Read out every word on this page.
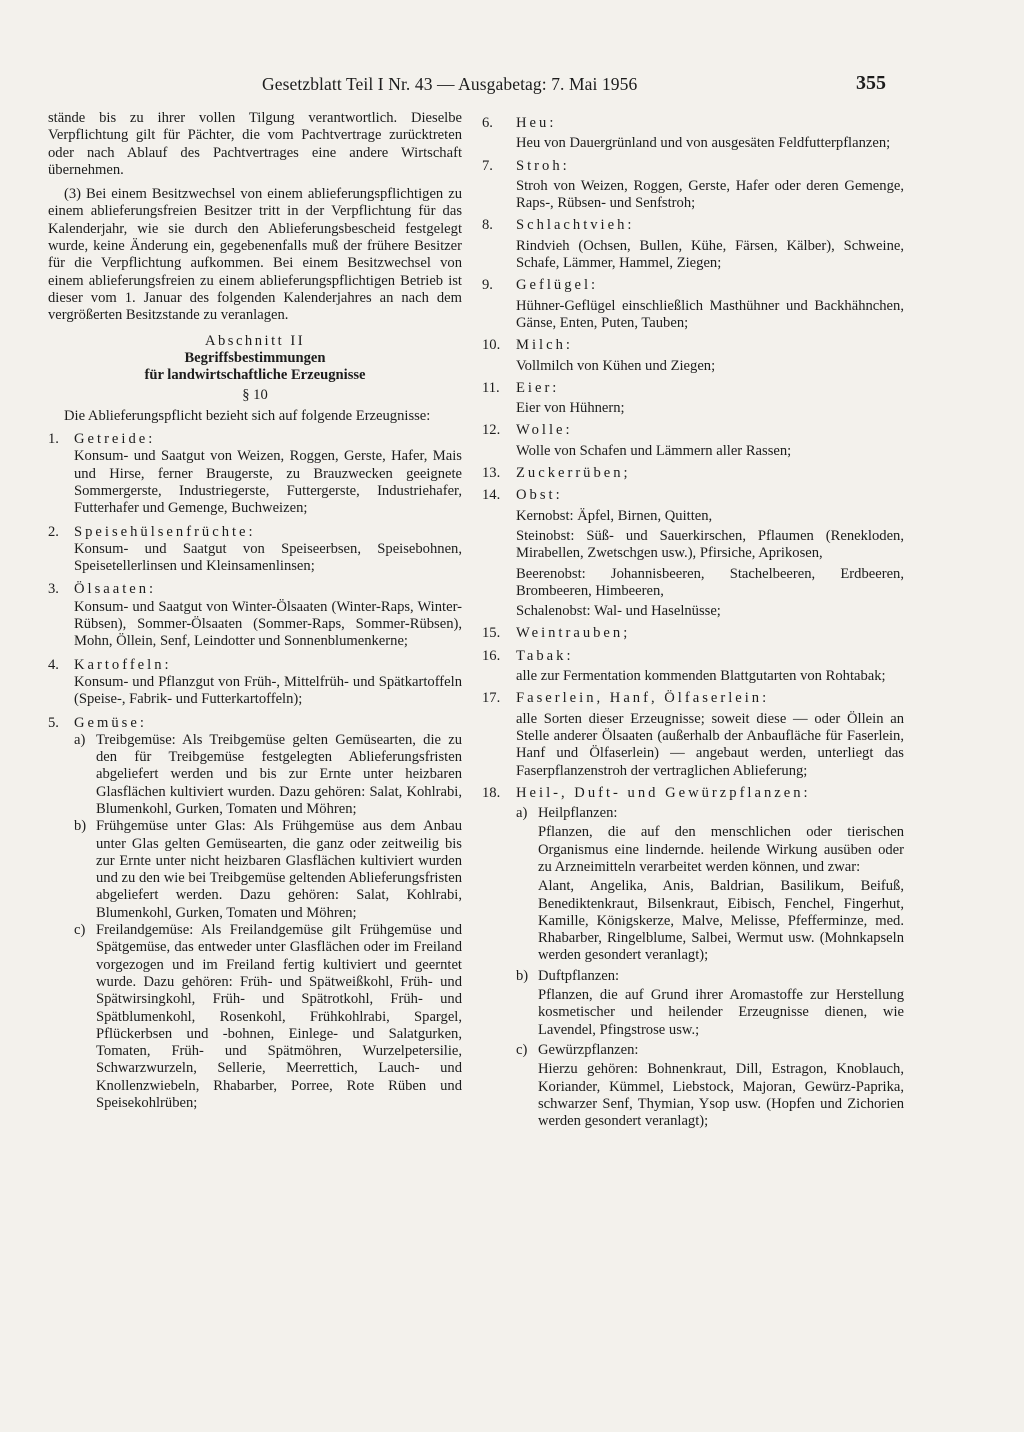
Gesetzblatt Teil I Nr. 43 — Ausgabetag: 7. Mai 1956	355

stände bis zu ihrer vollen Tilgung verantwortlich. Dieselbe Verpflichtung gilt für Pächter, die vom Pachtvertrage zurücktreten oder nach Ablauf des Pachtvertrages eine andere Wirtschaft übernehmen.

(3) Bei einem Besitzwechsel von einem ablieferungspflichtigen zu einem ablieferungsfreien Besitzer tritt in der Verpflichtung für das Kalenderjahr, wie sie durch den Ablieferungsbescheid festgelegt wurde, keine Änderung ein, gegebenenfalls muß der frühere Besitzer für die Verpflichtung aufkommen. Bei einem Besitzwechsel von einem ablieferungsfreien zu einem ablieferungspflichtigen Betrieb ist dieser vom 1. Januar des folgenden Kalenderjahres an nach dem vergrößerten Besitzstande zu veranlagen.

Abschnitt II
Begriffsbestimmungen
für landwirtschaftliche Erzeugnisse
§ 10

Die Ablieferungspflicht bezieht sich auf folgende Erzeugnisse:

1.	Getreide:
Konsum- und Saatgut von Weizen, Roggen, Gerste, Hafer, Mais und Hirse, ferner Braugerste, zu Brauzwecken geeignete Sommergerste, Industriegerste, Futtergerste, Industriehafer, Futterhafer und Gemenge, Buchweizen;
2.	Speisehülsenfrüchte:
Konsum- und Saatgut von Speiseerbsen, Speisebohnen, Speisetellerlinsen und Kleinsamenlinsen;
3.	Ölsaaten:
Konsum- und Saatgut von Winter-Ölsaaten (Winter-Raps, Winter-Rübsen), Sommer-Ölsaaten (Sommer-Raps, Sommer-Rübsen), Mohn, Öllein, Senf, Leindotter und Sonnenblumenkerne;
4.	Kartoffeln:
Konsum- und Pflanzgut von Früh-, Mittelfrüh- und Spätkartoffeln (Speise-, Fabrik- und Futterkartoffeln);
5.	Gemüse:
a) Treibgemüse: Als Treibgemüse gelten Gemüsearten, die zu den für Treibgemüse festgelegten Ablieferungsfristen abgeliefert werden und bis zur Ernte unter heizbaren Glasflächen kultiviert wurden. Dazu gehören: Salat, Kohlrabi, Blumenkohl, Gurken, Tomaten und Möhren;
b) Frühgemüse unter Glas: Als Frühgemüse aus dem Anbau unter Glas gelten Gemüsearten, die ganz oder zeitweilig bis zur Ernte unter nicht heizbaren Glasflächen kultiviert wurden und zu den wie bei Treibgemüse geltenden Ablieferungsfristen abgeliefert werden. Dazu gehören: Salat, Kohlrabi, Blumenkohl, Gurken, Tomaten und Möhren;
c) Freilandgemüse: Als Freilandgemüse gilt Frühgemüse und Spätgemüse, das entweder unter Glasflächen oder im Freiland vorgezogen und im Freiland fertig kultiviert und geerntet wurde. Dazu gehören: Früh- und Spätweißkohl, Früh- und Spätwirsingkohl, Früh- und Spätrotkohl, Früh- und Spätblumenkohl, Rosenkohl, Frühkohlrabi, Spargel, Pflückerbsen und -bohnen, Einlege- und Salatgurken, Tomaten, Früh- und Spätmöhren, Wurzelpetersilie, Schwarzwurzeln, Sellerie, Meerrettich, Lauch- und Knollenzwiebeln, Rhabarber, Porree, Rote Rüben und Speisekohlrüben;
6.	Heu:
Heu von Dauergrünland und von ausgesäten Feldfutterpflanzen;
7.	Stroh:
Stroh von Weizen, Roggen, Gerste, Hafer oder deren Gemenge, Raps-, Rübsen- und Senfstroh;
8.	Schlachtvieh:
Rindvieh (Ochsen, Bullen, Kühe, Färsen, Kälber), Schweine, Schafe, Lämmer, Hammel, Ziegen;
9.	Geflügel:
Hühner-Geflügel einschließlich Masthühner und Backhähnchen, Gänse, Enten, Puten, Tauben;
10.	Milch:
Vollmilch von Kühen und Ziegen;
11.	Eier:
Eier von Hühnern;
12.	Wolle:
Wolle von Schafen und Lämmern aller Rassen;
13.	Zuckerrüben;
14.	Obst:
Kernobst: Äpfel, Birnen, Quitten,
Steinobst: Süß- und Sauerkirschen, Pflaumen (Reneklоden, Mirabellen, Zwetschgen usw.), Pfirsiche, Aprikosen,
Beerenobst: Johannisbeeren, Stachelbeeren, Erdbeeren, Brombeeren, Himbeeren,
Schalenobst: Wal- und Haselnüsse;
15.	Weintrauben;
16.	Tabak:
alle zur Fermentation kommenden Blattgutarten von Rohtabak;
17.	Faserlein, Hanf, Ölfaserlein:
alle Sorten dieser Erzeugnisse; soweit diese — oder Öllein an Stelle anderer Ölsaaten (außerhalb der Anbaufläche für Faserlein, Hanf und Ölfaserlein) — angebaut werden, unterliegt das Faserpflanzenstroh der vertraglichen Ablieferung;
18.	Heil-, Duft- und Gewürzpflanzen:
a) Heilpflanzen:
Pflanzen, die auf den menschlichen oder tierischen Organismus eine lindernde. heilende Wirkung ausüben oder zu Arzneimitteln verarbeitet werden können, und zwar:
Alant, Angelika, Anis, Baldrian, Basilikum, Beifuß, Benediktenkraut, Bilsenkraut, Eibisch, Fenchel, Fingerhut, Kamille, Königskerze, Malve, Melisse, Pfefferminze, med. Rhabarber, Ringelblume, Salbei, Wermut usw. (Mohnkapseln werden gesondert veranlagt);
b) Duftpflanzen:
Pflanzen, die auf Grund ihrer Aromastoffe zur Herstellung kosmetischer und heilender Erzeugnisse dienen, wie Lavendel, Pfingstrose usw.;
c) Gewürzpflanzen:
Hierzu gehören: Bohnenkraut, Dill, Estragon, Knoblauch, Koriander, Kümmel, Liebstock, Majoran, Gewürz-Paprika, schwarzer Senf, Thymian, Ysop usw. (Hopfen und Zichorien werden gesondert veranlagt);
